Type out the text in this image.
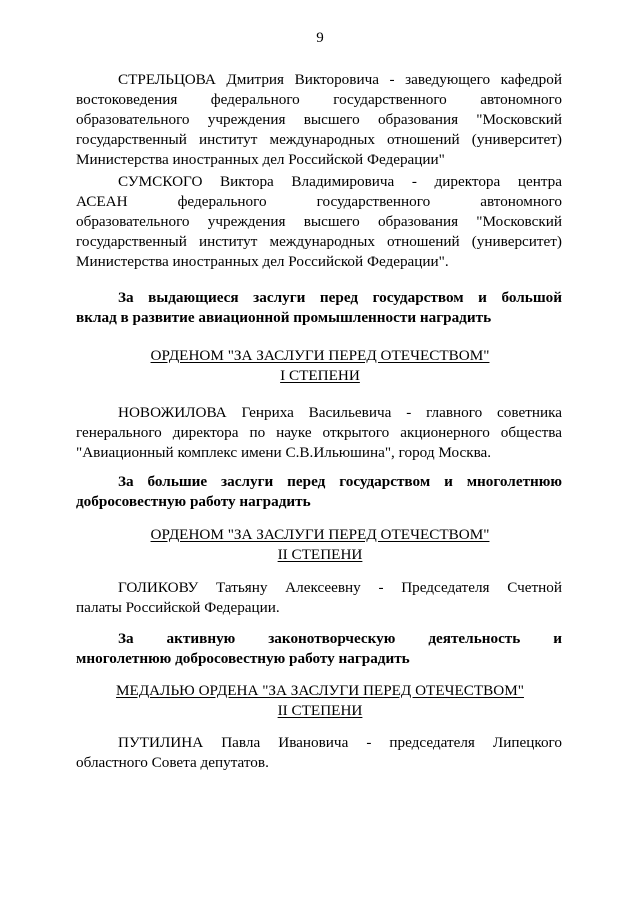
9
СТРЕЛЬЦОВА Дмитрия Викторовича - заведующего кафедрой
востоковедения федерального государственного автономного
образовательного учреждения высшего образования "Московский
государственный институт международных отношений (университет)
Министерства иностранных дел Российской Федерации"
СУМСКОГО Виктора Владимировича - директора центра
АСЕАН федерального государственного автономного
образовательного учреждения высшего образования "Московский
государственный институт международных отношений (университет)
Министерства иностранных дел Российской Федерации".
За выдающиеся заслуги перед государством и большой
вклад в развитие авиационной промышленности наградить
ОРДЕНОМ "ЗА ЗАСЛУГИ ПЕРЕД ОТЕЧЕСТВОМ"
I СТЕПЕНИ
НОВОЖИЛОВА Генриха Васильевича - главного советника
генерального директора по науке открытого акционерного общества
"Авиационный комплекс имени С.В.Ильюшина", город Москва.
За большие заслуги перед государством и многолетнюю
добросовестную работу наградить
ОРДЕНОМ "ЗА ЗАСЛУГИ ПЕРЕД ОТЕЧЕСТВОМ"
II СТЕПЕНИ
ГОЛИКОВУ Татьяну Алексеевну - Председателя Счетной
палаты Российской Федерации.
За активную законотворческую деятельность и
многолетнюю добросовестную работу наградить
МЕДАЛЬЮ ОРДЕНА "ЗА ЗАСЛУГИ ПЕРЕД ОТЕЧЕСТВОМ"
II СТЕПЕНИ
ПУТИЛИНА Павла Ивановича - председателя Липецкого
областного Совета депутатов.
